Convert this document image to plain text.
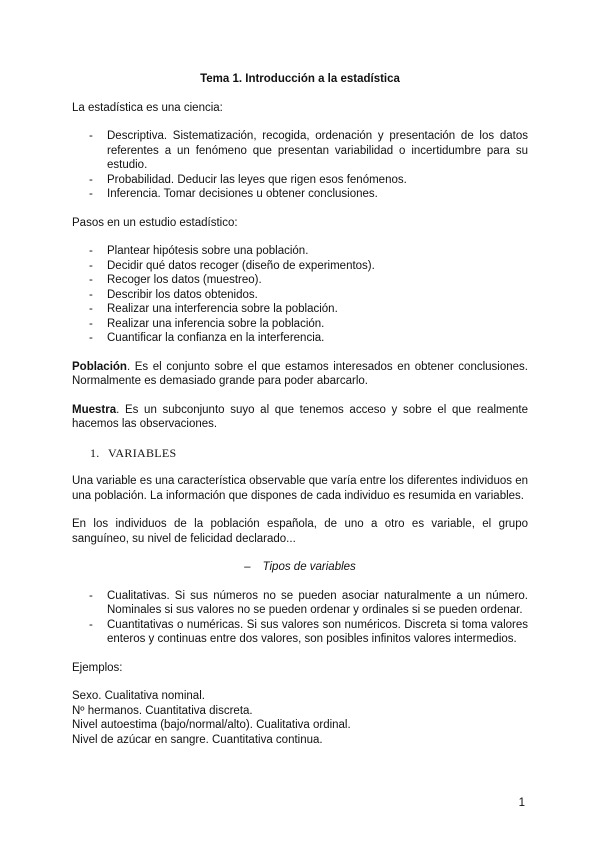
Tema 1. Introducción a la estadística

La estadística es una ciencia:

- Descriptiva. Sistematización, recogida, ordenación y presentación de los datos referentes a un fenómeno que presentan variabilidad o incertidumbre para su estudio.
- Probabilidad. Deducir las leyes que rigen esos fenómenos.
- Inferencia. Tomar decisiones u obtener conclusiones.

Pasos en un estudio estadístico:

- Plantear hipótesis sobre una población.
- Decidir qué datos recoger (diseño de experimentos).
- Recoger los datos (muestreo).
- Describir los datos obtenidos.
- Realizar una interferencia sobre la población.
- Realizar una inferencia sobre la población.
- Cuantificar la confianza en la interferencia.

Población. Es el conjunto sobre el que estamos interesados en obtener conclusiones. Normalmente es demasiado grande para poder abarcarlo.

Muestra. Es un subconjunto suyo al que tenemos acceso y sobre el que realmente hacemos las observaciones.

1. VARIABLES

Una variable es una característica observable que varía entre los diferentes individuos en una población. La información que dispones de cada individuo es resumida en variables.

En los individuos de la población española, de uno a otro es variable, el grupo sanguíneo, su nivel de felicidad declarado...

– Tipos de variables
- Cualitativas. Si sus números no se pueden asociar naturalmente a un número. Nominales si sus valores no se pueden ordenar y ordinales si se pueden ordenar.
- Cuantitativas o numéricas. Si sus valores son numéricos. Discreta si toma valores enteros y continuas entre dos valores, son posibles infinitos valores intermedios.

Ejemplos:

Sexo. Cualitativa nominal.
Nº hermanos. Cuantitativa discreta.
Nivel autoestima (bajo/normal/alto). Cualitativa ordinal.
Nivel de azúcar en sangre. Cuantitativa continua.
1
